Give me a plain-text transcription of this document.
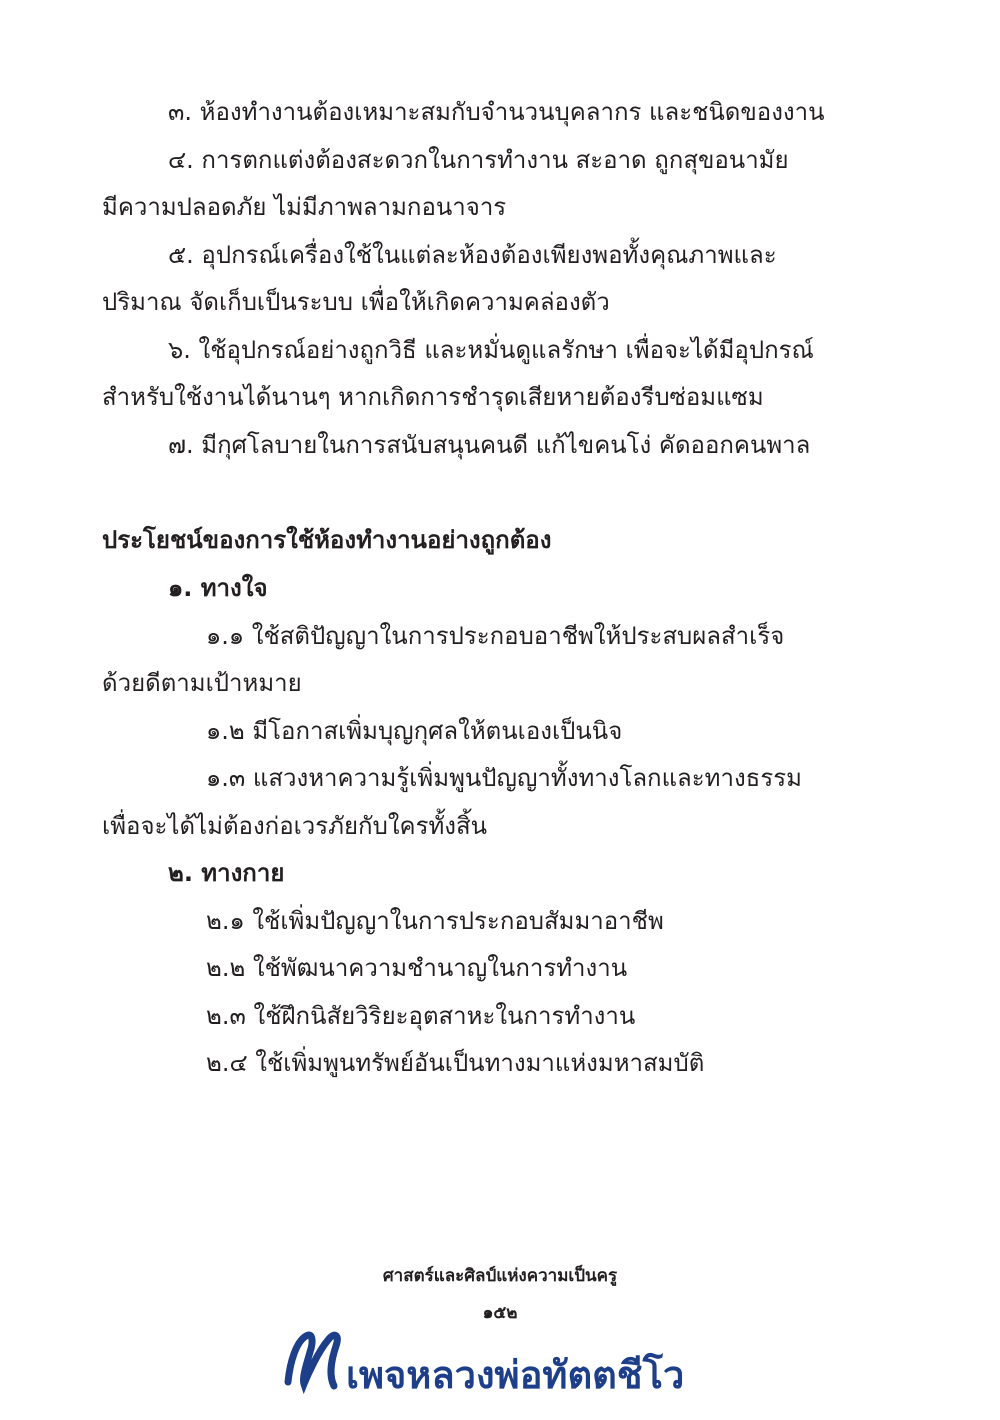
๓. ห้องทำงานต้องเหมาะสมกับจำนวนบุคลากร และชนิดของงาน
๔. การตกแต่งต้องสะดวกในการทำงาน สะอาด ถูกสุขอนามัย
มีความปลอดภัย ไม่มีภาพลามกอนาจาร
๕. อุปกรณ์เครื่องใช้ในแต่ละห้องต้องเพียงพอทั้งคุณภาพและ
ปริมาณ จัดเก็บเป็นระบบ เพื่อให้เกิดความคล่องตัว
๖. ใช้อุปกรณ์อย่างถูกวิธี และหมั่นดูแลรักษา เพื่อจะได้มีอุปกรณ์
สำหรับใช้งานได้นานๆ หากเกิดการชำรุดเสียหายต้องรีบซ่อมแซม
๗. มีกุศโลบายในการสนับสนุนคนดี แก้ไขคนโง่ คัดออกคนพาล
ประโยชน์ของการใช้ห้องทำงานอย่างถูกต้อง
๑. ทางใจ
๑.๑ ใช้สติปัญญาในการประกอบอาชีพให้ประสบผลสำเร็จ
ด้วยดีตามเป้าหมาย
๑.๒ มีโอกาสเพิ่มบุญกุศลให้ตนเองเป็นนิจ
๑.๓ แสวงหาความรู้เพิ่มพูนปัญญาทั้งทางโลกและทางธรรม
เพื่อจะได้ไม่ต้องก่อเวรภัยกับใครทั้งสิ้น
๒. ทางกาย
๒.๑ ใช้เพิ่มปัญญาในการประกอบสัมมาอาชีพ
๒.๒ ใช้พัฒนาความชำนาญในการทำงาน
๒.๓ ใช้ฝึกนิสัยวิริยะอุตสาหะในการทำงาน
๒.๔ ใช้เพิ่มพูนทรัพย์อันเป็นทางมาแห่งมหาสมบัติ
ศาสตร์และศิลป์แห่งความเป็นครู
๑๕๒
เพจหลวงพ่อทัตตชีโว
